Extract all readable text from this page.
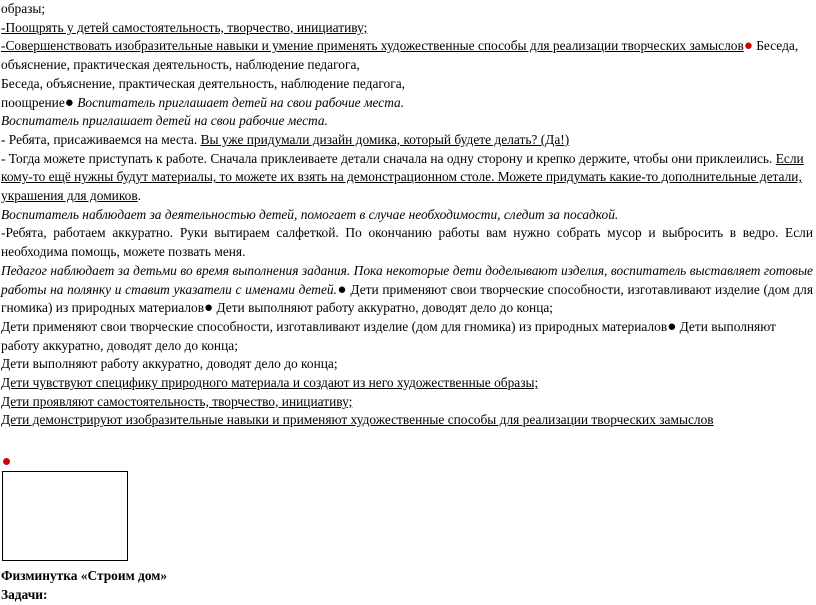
образы;

-Поощрять у детей самостоятельность, творчество, инициативу;

-Совершенствовать изобразительные навыки и умение применять художественные способы для реализации творческих замыслов● Беседа,

объяснение, практическая деятельность, наблюдение педагога,

Беседа, объяснение, практическая деятельность, наблюдение педагога,

поощрение● Воспитатель приглашает детей на свои рабочие места.

Воспитатель приглашает детей на свои рабочие места.

- Ребята, присаживаемся на места. Вы уже придумали дизайн домика, который будете делать? (Да!)

- Тогда можете приступать к работе. Сначала приклеиваете детали сначала на одну сторону и крепко держите, чтобы они приклеились. Если кому-то ещё нужны будут материалы, то можете их взять на демонстрационном столе. Можете придумать какие-то дополнительные детали, украшения для домиков.

Воспитатель наблюдает за деятельностью детей, помогает в случае необходимости, следит за посадкой.

-Ребята, работаем аккуратно. Руки вытираем салфеткой. По окончанию работы вам нужно собрать мусор и выбросить в ведро. Если необходима помощь, можете позвать меня.

Педагог наблюдает за детьми во время выполнения задания. Пока некоторые дети доделывают изделия, воспитатель выставляет готовые работы на полянку и ставит указатели с именами детей.● Дети применяют свои творческие способности, изготавливают изделие (дом для гномика) из природных материалов● Дети выполняют работу аккуратно, доводят дело до конца;

Дети применяют свои творческие способности, изготавливают изделие (дом для гномика) из природных материалов● Дети выполняют работу аккуратно, доводят дело до конца;

Дети выполняют работу аккуратно, доводят дело до конца;

Дети чувствуют специфику природного материала и создают из него художественные образы;

Дети проявляют самостоятельность, творчество, инициативу;

Дети демонстрируют изобразительные навыки и применяют художественные способы для реализации творческих замыслов

Физминутка «Строим дом»

Задачи:
